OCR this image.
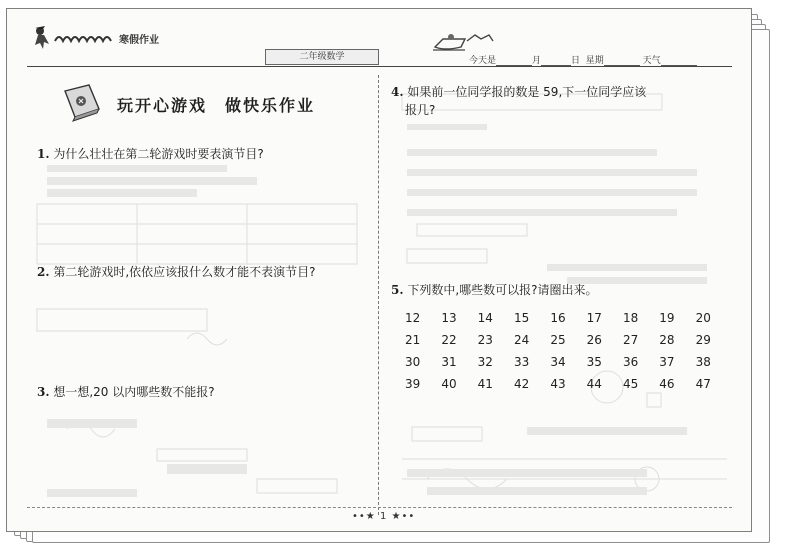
寒假作业
二年级数学	今天是	月	日 星期	天气
玩开心游戏　做快乐作业
1. 为什么壮壮在第二轮游戏时要表演节目?
2. 第二轮游戏时,依依应该报什么数才能不表演节目?
3. 想一想,20 以内哪些数不能报?
4. 如果前一位同学报的数是 59,下一位同学应该
报几?
5. 下列数中,哪些数可以报?请圈出来。
12	13	14	15	16	17	18	19	20
21	22	23	24	25	26	27	28	29
30	31	32	33	34	35	36	37	38
39	40	41	42	43	44	45	46	47
••★ 1 ★••
